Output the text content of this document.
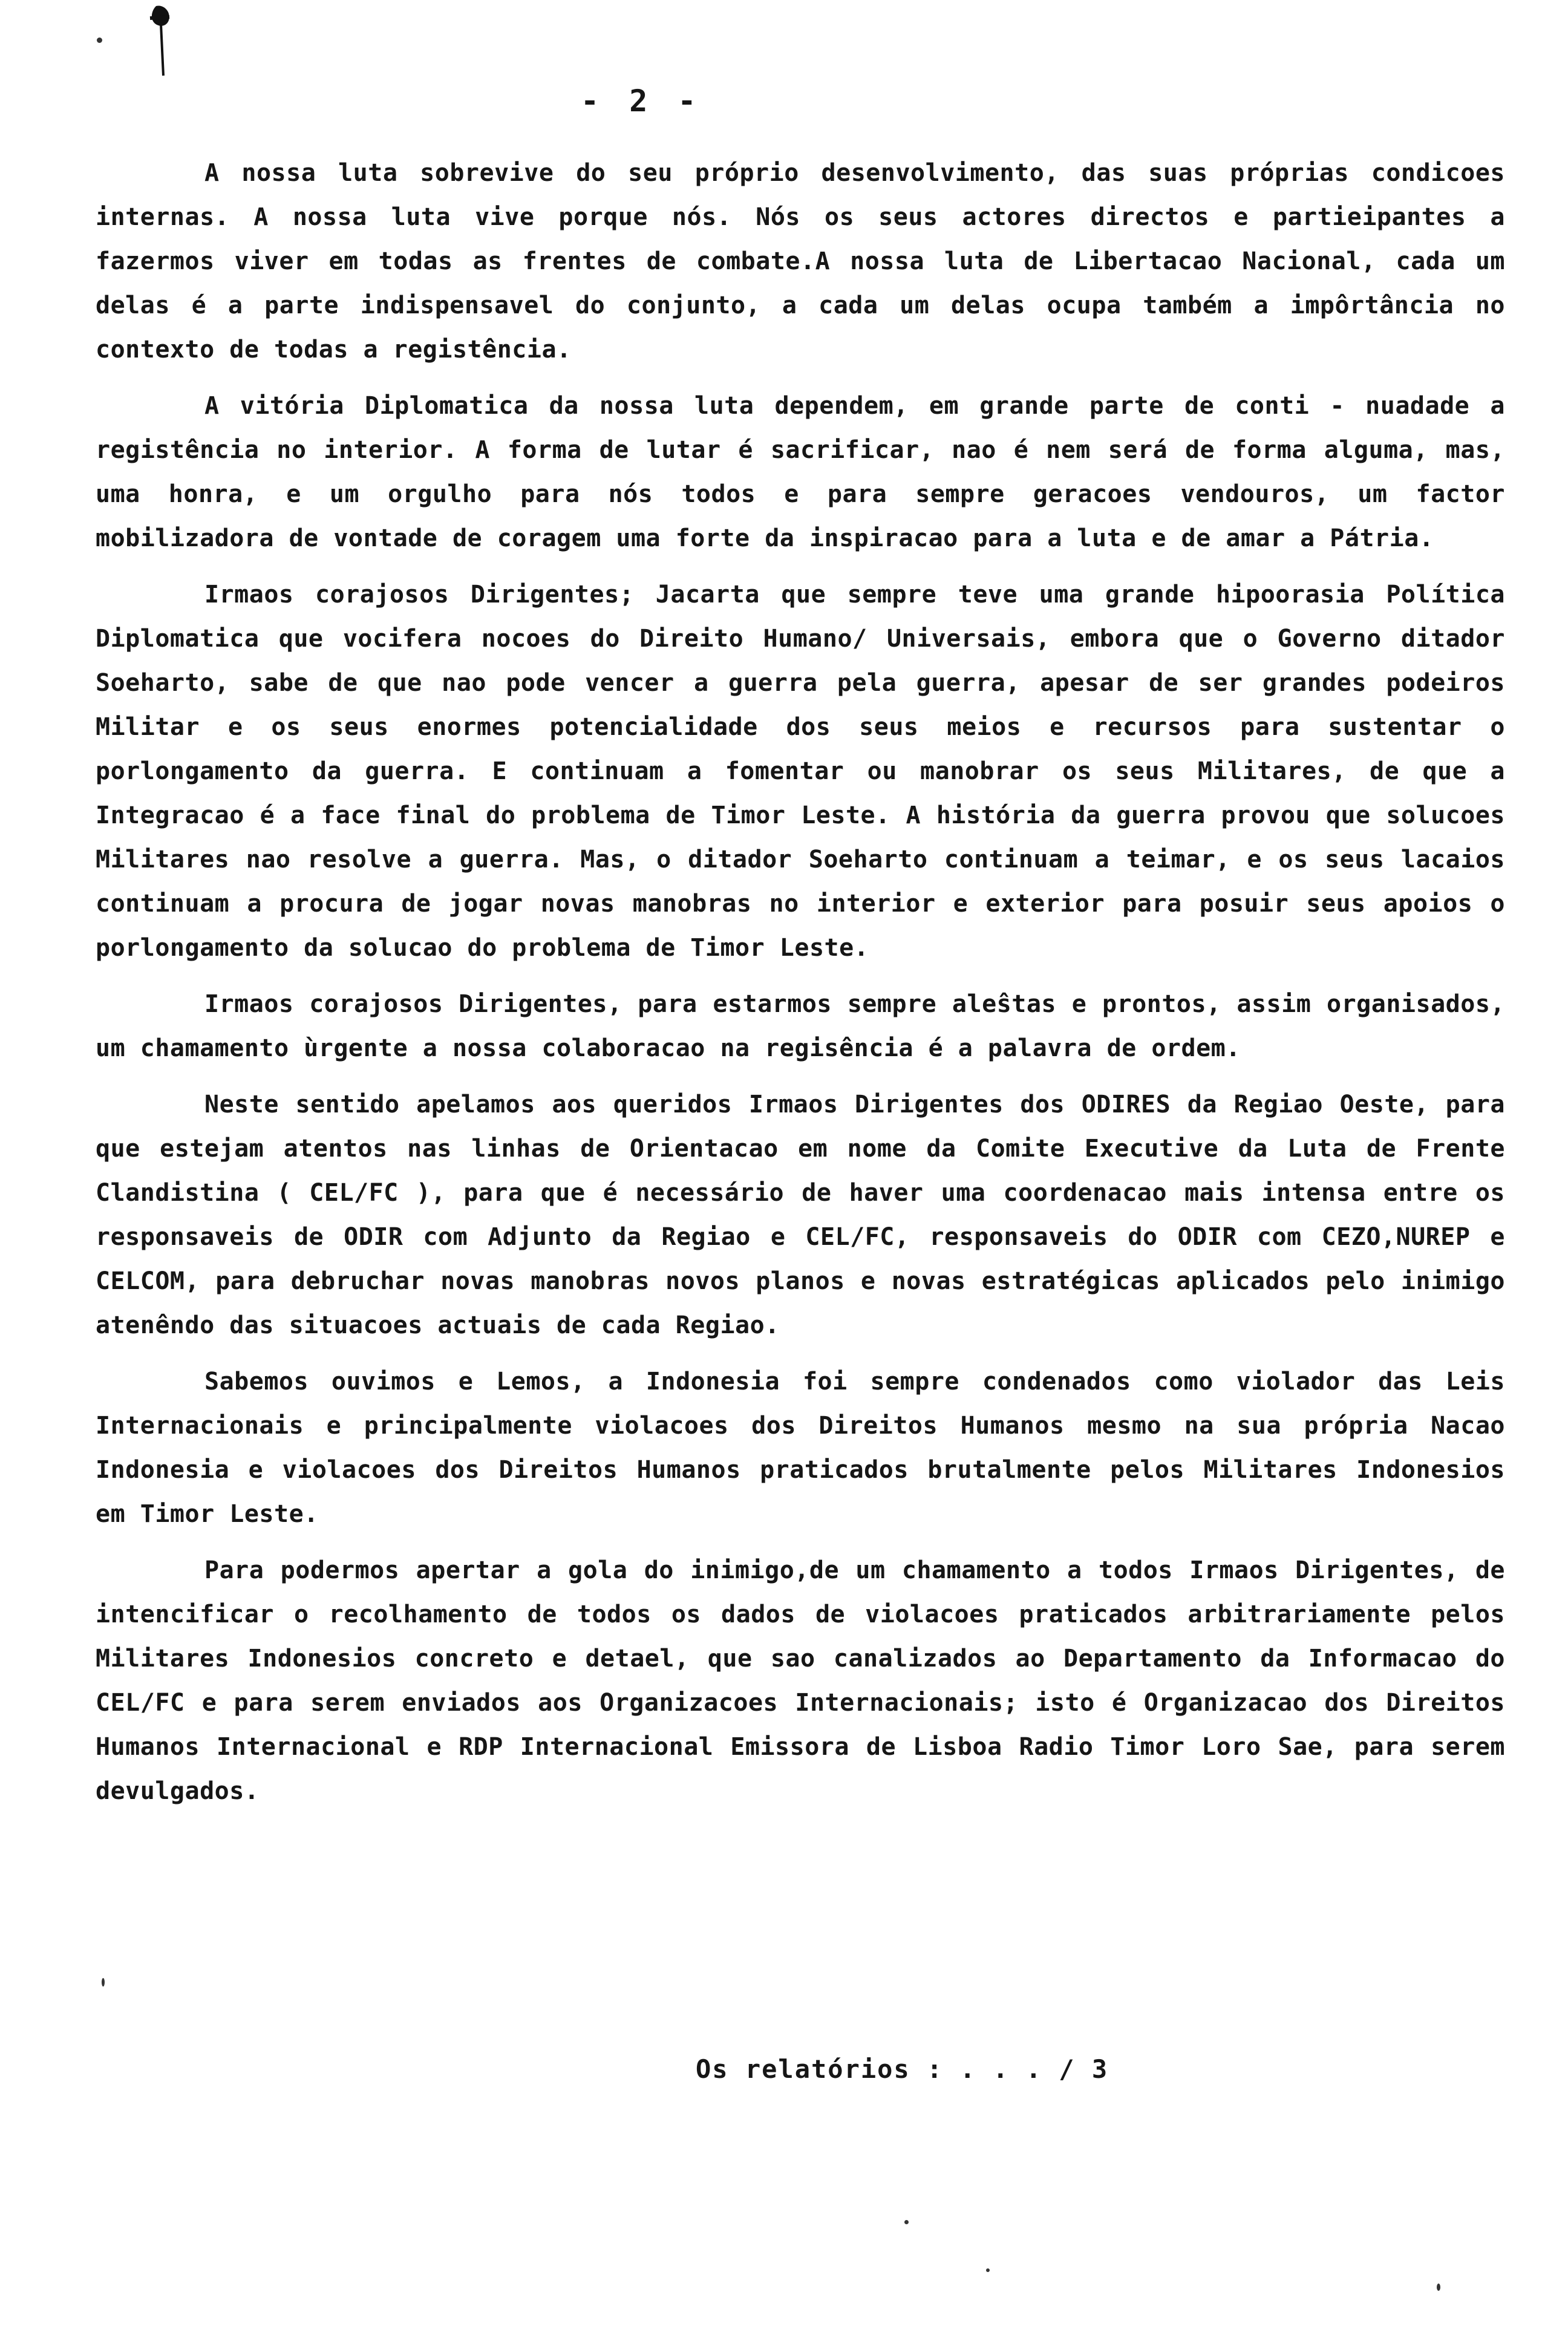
- 2 -

A nossa luta sobrevive do seu próprio desenvolvimento, das suas próprias condicoes internas. A nossa luta vive porque nós. Nós os seus actores directos e partieipantes a fazermos viver em todas as frentes de combate.A nossa luta de Libertacao Nacional, cada um delas é a parte indispensavel do conjunto, a cada um delas ocupa também a impôrtância no contexto de todas a registência.

A vitória Diplomatica da nossa luta dependem, em grande parte de conti - nuadade a registência no interior. A forma de lutar é sacrificar, nao é nem será de forma alguma, mas, uma honra, e um orgulho para nós todos e para sempre geracoes vendouros, um factor mobilizadora de vontade de coragem uma forte da inspiracao para a luta e de amar a Pátria.

Irmaos corajosos Dirigentes; Jacarta que sempre teve uma grande hipoorasia Política Diplomatica que vocifera nocoes do Direito Humano/ Universais, embora que o Governo ditador Soeharto, sabe de que nao pode vencer a guerra pela guerra, apesar de ser grandes podeiros Militar e os seus enormes potencialidade dos seus meios e recursos para sustentar o porlongamento da guerra. E continuam a fomentar ou manobrar os seus Militares, de que a Integracao é a face final do problema de Timor Leste. A história da guerra provou que solucoes Militares nao resolve a guerra. Mas, o ditador Soeharto continuam a teimar, e os seus lacaios continuam a procura de jogar novas manobras no interior e exterior para posuir seus apoios o porlongamento da solucao do problema de Timor Leste.

Irmaos corajosos Dirigentes, para estarmos sempre aleŝtas e prontos, assim organisados, um chamamento ùrgente a nossa colaboracao na regisência é a palavra de ordem.

Neste sentido apelamos aos queridos Irmaos Dirigentes dos ODIRES da Regiao Oeste, para que estejam atentos nas linhas de Orientacao em nome da Comite Executive da Luta de Frente Clandistina ( CEL/FC ), para que é necessário de haver uma coordenacao mais intensa entre os responsaveis de ODIR com Adjunto da Regiao e CEL/FC, responsaveis do ODIR com CEZO,NUREP e CELCOM, para debruchar novas manobras novos planos e novas estratégicas aplicados pelo inimigo atenêndo das situacoes actuais de cada Regiao.

Sabemos ouvimos e Lemos, a Indonesia foi sempre condenados como violador das Leis Internacionais e principalmente violacoes dos Direitos Humanos mesmo na sua própria Nacao Indonesia e violacoes dos Direitos Humanos praticados brutalmente pelos Militares Indonesios em Timor Leste.

Para podermos apertar a gola do inimigo,de um chamamento a todos Irmaos Dirigentes, de intencificar o recolhamento de todos os dados de violacoes praticados arbitrariamente pelos Militares Indonesios concreto e detael, que sao canalizados ao Departamento da Informacao do CEL/FC e para serem enviados aos Organizacoes Internacionais; isto é Organizacao dos Direitos Humanos Internacional e RDP Internacional Emissora de Lisboa Radio Timor Loro Sae, para serem devulgados.

Os relatórios : . . . / 3
